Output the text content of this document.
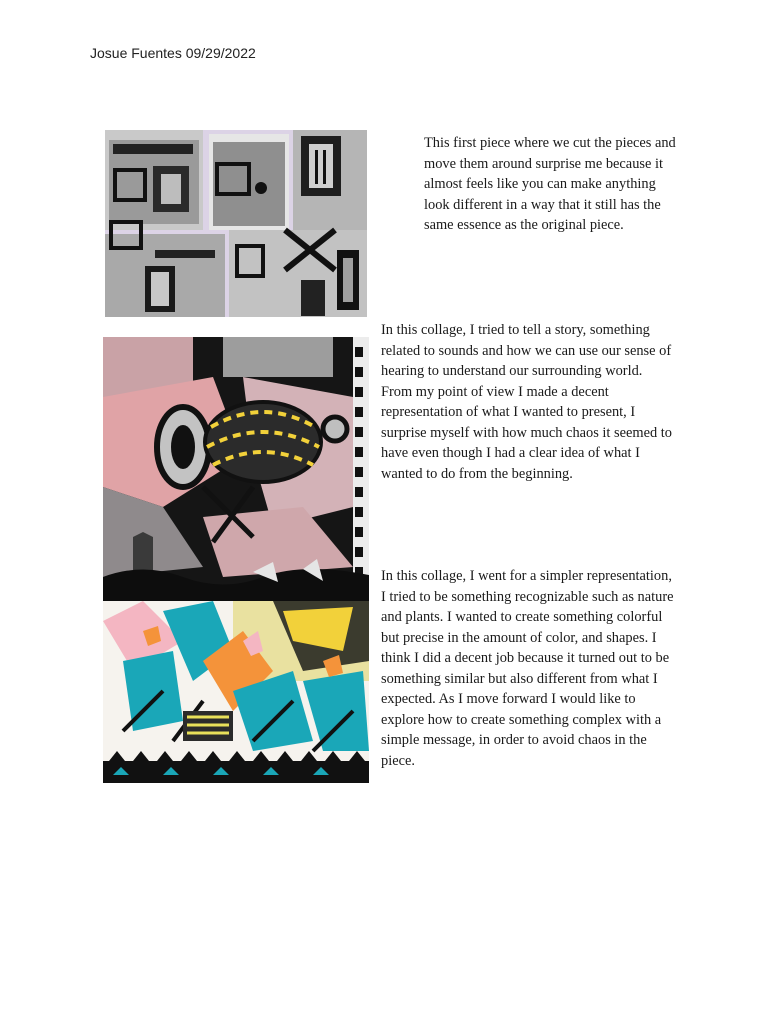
Josue Fuentes 09/29/2022

This first piece where we cut the pieces and move them around surprise me because it almost feels like you can make anything look different in a way that it still has the same essence as the original piece.

In this collage, I tried to tell a story, something related to sounds and how we can use our sense of hearing to understand our surrounding world. From my point of view I made a decent representation of what I wanted to present, I surprise myself with how much chaos it seemed to have even though I had a clear idea of what I wanted to do from the beginning.

In this collage, I went for a simpler representation, I tried to be something recognizable such as nature and plants. I wanted to create something colorful but precise in the amount of color, and shapes. I think I did a decent job because it turned out to be something similar but also different from what I expected. As I move forward I would like to explore how to create something complex with a simple message, in order to avoid chaos in the piece.
